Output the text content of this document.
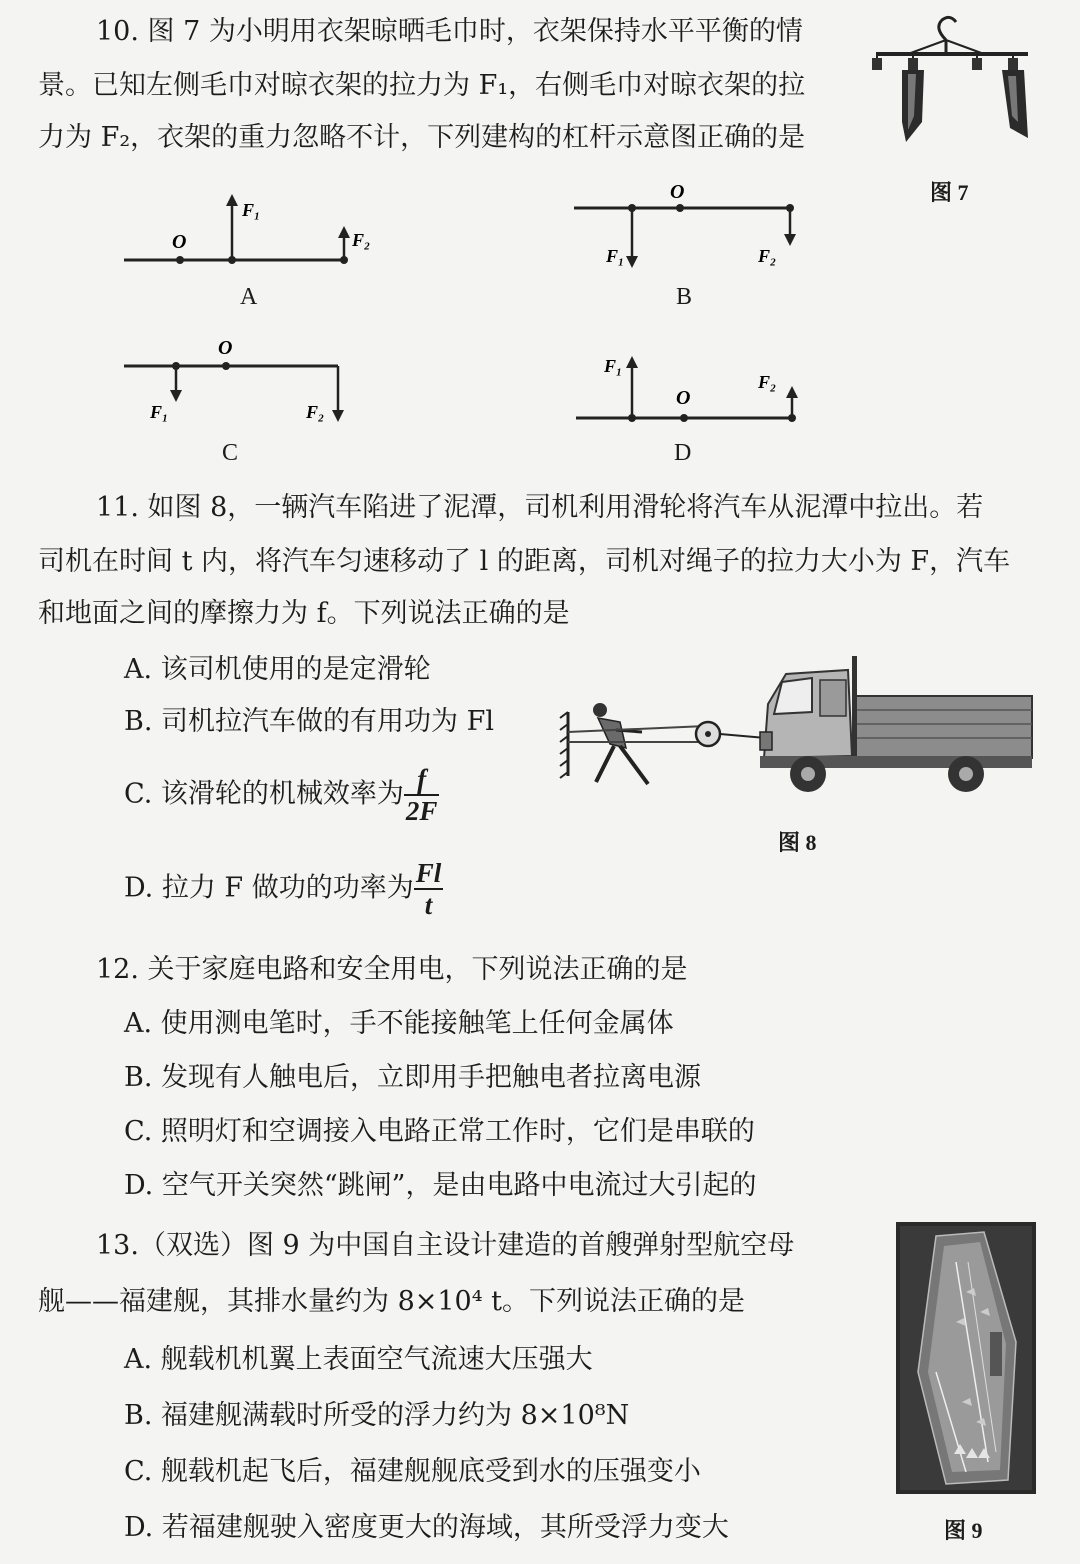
10. 图 7 为小明用衣架晾晒毛巾时，衣架保持水平平衡的情
景。已知左侧毛巾对晾衣架的拉力为 F₁，右侧毛巾对晾衣架的拉
力为 F₂，衣架的重力忽略不计，下列建构的杠杆示意图正确的是
图 7
O
F₁
F₂
A
O
F₁	F₂
B
O
F₁	F₂
C
O
F₁
F₂
D
11. 如图 8，一辆汽车陷进了泥潭，司机利用滑轮将汽车从泥潭中拉出。若
司机在时间 t 内，将汽车匀速移动了 l 的距离，司机对绳子的拉力大小为 F，汽车
和地面之间的摩擦力为 f。下列说法正确的是
A. 该司机使用的是定滑轮
B. 司机拉汽车做的有用功为 Fl
C. 该滑轮的机械效率为 $\frac{f}{2F}$
D. 拉力 F 做功的功率为 $\frac{Fl}{t}$
图 8
12. 关于家庭电路和安全用电，下列说法正确的是
A. 使用测电笔时，手不能接触笔上任何金属体
B. 发现有人触电后，立即用手把触电者拉离电源
C. 照明灯和空调接入电路正常工作时，它们是串联的
D. 空气开关突然“跳闸”，是由电路中电流过大引起的
13.（双选）图 9 为中国自主设计建造的首艘弹射型航空母
舰——福建舰，其排水量约为 8×10⁴ t。下列说法正确的是
A. 舰载机机翼上表面空气流速大压强大
B. 福建舰满载时所受的浮力约为 8×10⁸N
C. 舰载机起飞后，福建舰舰底受到水的压强变小
D. 若福建舰驶入密度更大的海域，其所受浮力变大	图 9
